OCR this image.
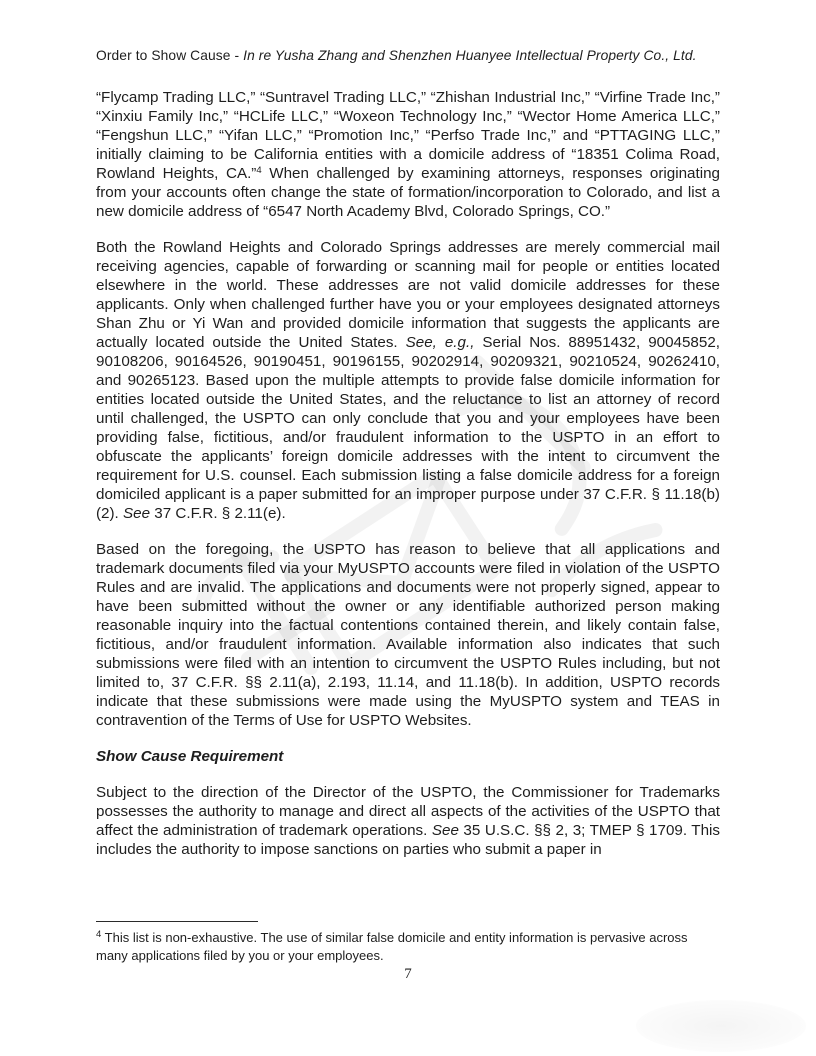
Order to Show Cause - In re Yusha Zhang and Shenzhen Huanyee Intellectual Property Co., Ltd.

“Flycamp Trading LLC,” “Suntravel Trading LLC,” “Zhishan Industrial Inc,” “Virfine Trade Inc,” “Xinxiu Family Inc,” “HCLife LLC,” “Woxeon Technology Inc,” “Wector Home America LLC,” “Fengshun LLC,” “Yifan LLC,” “Promotion Inc,” “Perfso Trade Inc,” and “PTTAGING LLC,” initially claiming to be California entities with a domicile address of “18351 Colima Road, Rowland Heights, CA.”$^4$ When challenged by examining attorneys, responses originating from your accounts often change the state of formation/incorporation to Colorado, and list a new domicile address of “6547 North Academy Blvd, Colorado Springs, CO.”

Both the Rowland Heights and Colorado Springs addresses are merely commercial mail receiving agencies, capable of forwarding or scanning mail for people or entities located elsewhere in the world. These addresses are not valid domicile addresses for these applicants. Only when challenged further have you or your employees designated attorneys Shan Zhu or Yi Wan and provided domicile information that suggests the applicants are actually located outside the United States. See, e.g., Serial Nos. 88951432, 90045852, 90108206, 90164526, 90190451, 90196155, 90202914, 90209321, 90210524, 90262410, and 90265123. Based upon the multiple attempts to provide false domicile information for entities located outside the United States, and the reluctance to list an attorney of record until challenged, the USPTO can only conclude that you and your employees have been providing false, fictitious, and/or fraudulent information to the USPTO in an effort to obfuscate the applicants’ foreign domicile addresses with the intent to circumvent the requirement for U.S. counsel. Each submission listing a false domicile address for a foreign domiciled applicant is a paper submitted for an improper purpose under 37 C.F.R. § 11.18(b)(2). See 37 C.F.R. § 2.11(e).

Based on the foregoing, the USPTO has reason to believe that all applications and trademark documents filed via your MyUSPTO accounts were filed in violation of the USPTO Rules and are invalid. The applications and documents were not properly signed, appear to have been submitted without the owner or any identifiable authorized person making reasonable inquiry into the factual contentions contained therein, and likely contain false, fictitious, and/or fraudulent information. Available information also indicates that such submissions were filed with an intention to circumvent the USPTO Rules including, but not limited to, 37 C.F.R. §§ 2.11(a), 2.193, 11.14, and 11.18(b). In addition, USPTO records indicate that these submissions were made using the MyUSPTO system and TEAS in contravention of the Terms of Use for USPTO Websites.

Show Cause Requirement

Subject to the direction of the Director of the USPTO, the Commissioner for Trademarks possesses the authority to manage and direct all aspects of the activities of the USPTO that affect the administration of trademark operations. See 35 U.S.C. §§ 2, 3; TMEP § 1709. This includes the authority to impose sanctions on parties who submit a paper in

$^4$ This list is non-exhaustive. The use of similar false domicile and entity information is pervasive across many applications filed by you or your employees.

7
